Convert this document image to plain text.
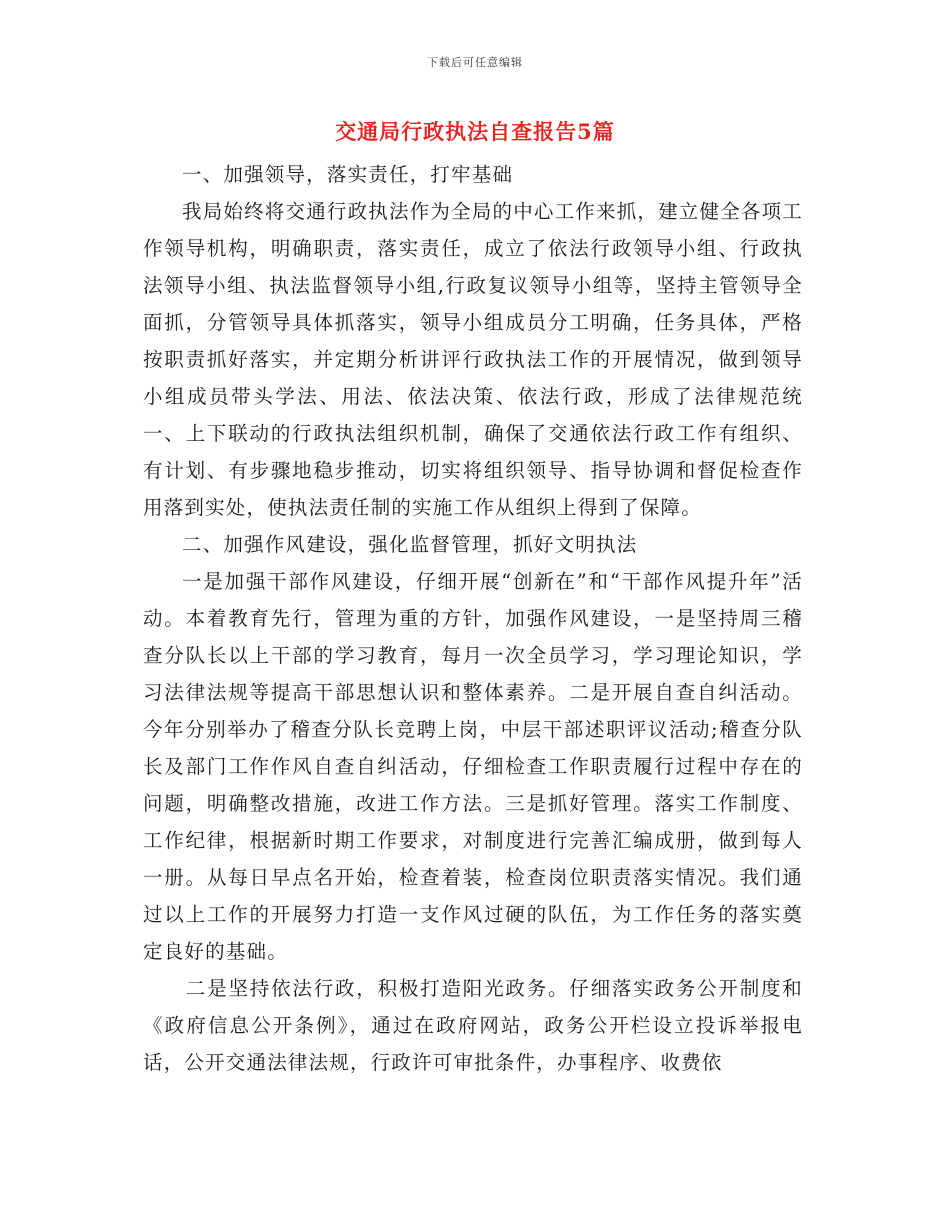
下载后可任意编辑
交通局行政执法自查报告5篇

一、加强领导，落实责任，打牢基础

我局始终将交通行政执法作为全局的中心工作来抓，建立健全各项工作领导机构，明确职责，落实责任，成立了依法行政领导小组、行政执法领导小组、执法监督领导小组,行政复议领导小组等，坚持主管领导全面抓，分管领导具体抓落实，领导小组成员分工明确，任务具体，严格按职责抓好落实，并定期分析讲评行政执法工作的开展情况，做到领导小组成员带头学法、用法、依法决策、依法行政，形成了法律规范统一、上下联动的行政执法组织机制，确保了交通依法行政工作有组织、有计划、有步骤地稳步推动，切实将组织领导、指导协调和督促检查作用落到实处，使执法责任制的实施工作从组织上得到了保障。

二、加强作风建设，强化监督管理，抓好文明执法

一是加强干部作风建设，仔细开展“创新在”和“干部作风提升年”活动。本着教育先行，管理为重的方针，加强作风建设，一是坚持周三稽查分队长以上干部的学习教育，每月一次全员学习，学习理论知识，学习法律法规等提高干部思想认识和整体素养。二是开展自查自纠活动。今年分别举办了稽查分队长竞聘上岗，中层干部述职评议活动;稽查分队长及部门工作作风自查自纠活动，仔细检查工作职责履行过程中存在的问题，明确整改措施，改进工作方法。三是抓好管理。落实工作制度、工作纪律，根据新时期工作要求，对制度进行完善汇编成册，做到每人一册。从每日早点名开始，检查着装，检查岗位职责落实情况。我们通过以上工作的开展努力打造一支作风过硬的队伍，为工作任务的落实奠定良好的基础。

二是坚持依法行政，积极打造阳光政务。仔细落实政务公开制度和《政府信息公开条例》，通过在政府网站，政务公开栏设立投诉举报电话，公开交通法律法规，行政许可审批条件，办事程序、收费依
